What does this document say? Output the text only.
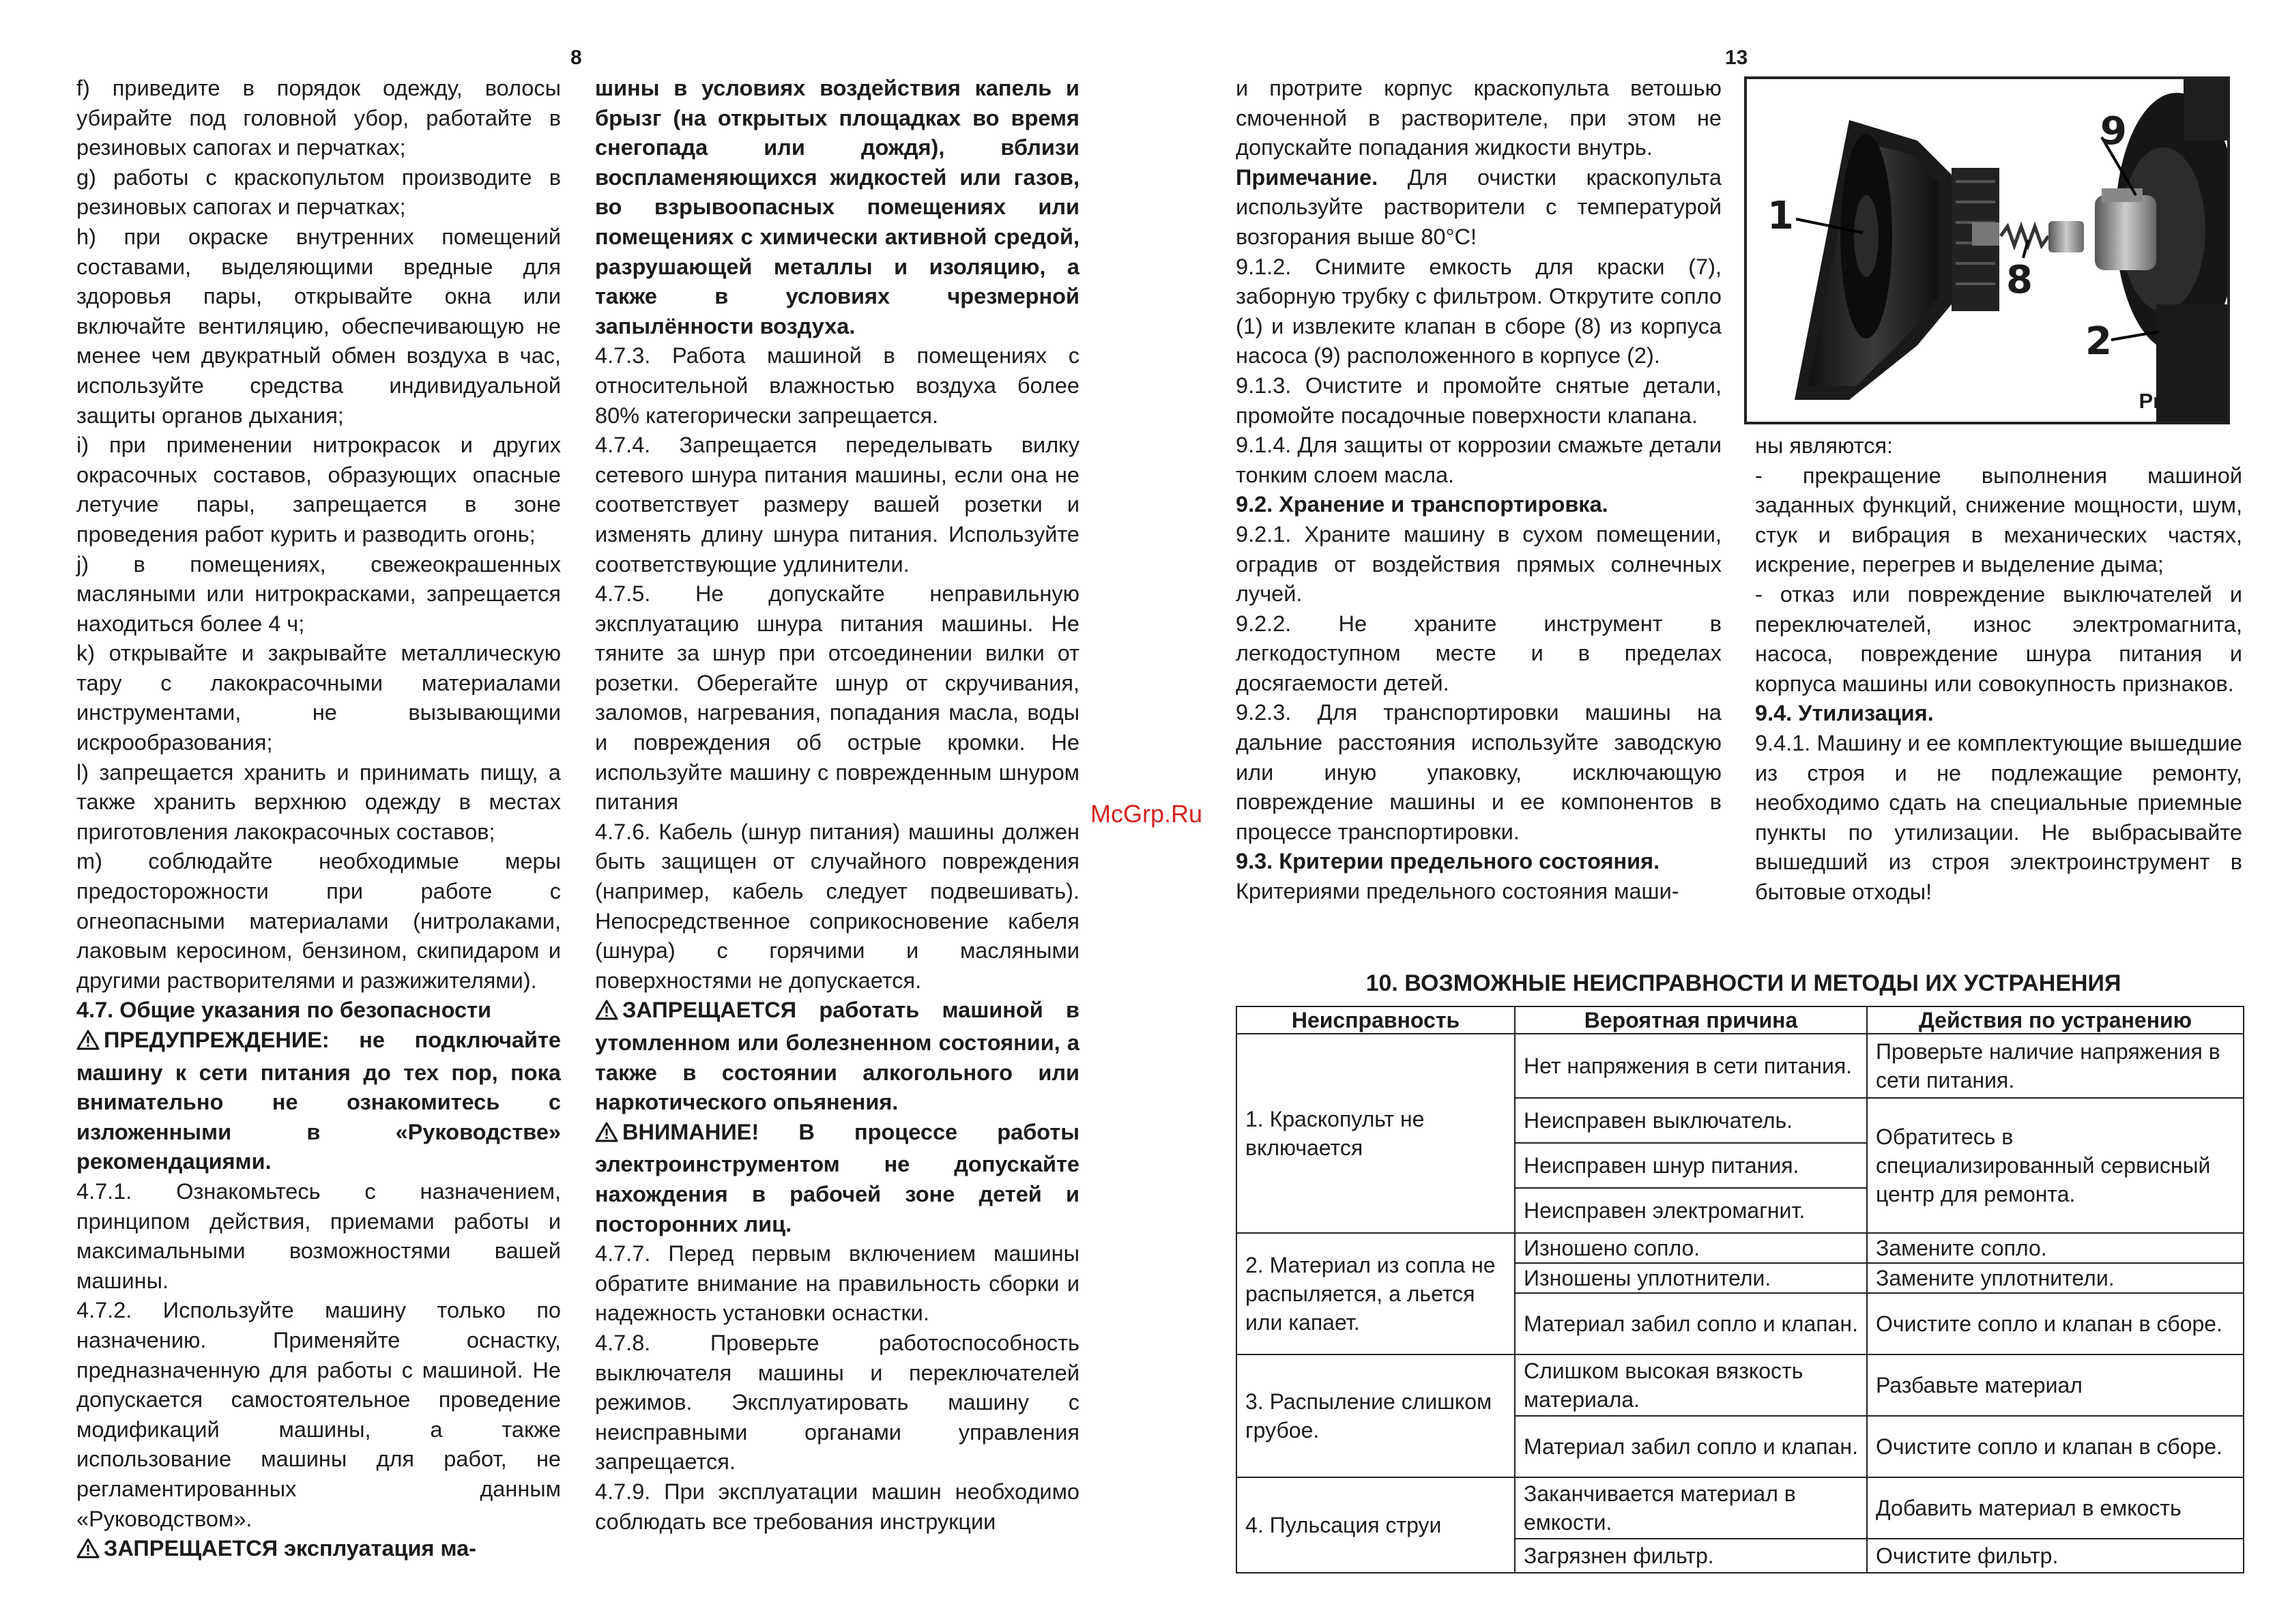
8	13

f) приведите в порядок одежду, волосы убирайте под головной убор, работайте в резиновых сапогах и перчатках;

g) работы с краскопультом производите в резиновых сапогах и перчатках;

h) при окраске внутренних помещений составами, выделяющими вредные для здоровья пары, открывайте окна или включайте вентиляцию, обеспечивающую не менее чем двукратный обмен воздуха в час, используйте средства индивидуальной защиты органов дыхания;

i) при применении нитрокрасок и других окрасочных составов, образующих опасные летучие пары, запрещается в зоне проведения работ курить и разводить огонь;

j) в помещениях, свежеокрашенных масляными или нитрокрасками, запрещается находиться более 4 ч;

k) открывайте и закрывайте металлическую тару с лакокрасочными материалами инструментами, не вызывающими искрообразования;

l) запрещается хранить и принимать пищу, а также хранить верхнюю одежду в местах приготовления лакокрасочных составов;

m) соблюдайте необходимые меры предосторожности при работе с огнеопасными материалами (нитролаками, лаковым керосином, бензином, скипидаром и другими растворителями и разжижителями).

4.7. Общие указания по безопасности

ПРЕДУПРЕЖДЕНИЕ: не подключайте машину к сети питания до тех пор, пока внимательно не ознакомитесь с изложенными в «Руководстве» рекомендациями.

4.7.1. Ознакомьтесь с назначением, принципом действия, приемами работы и максимальными возможностями вашей машины.

4.7.2. Используйте машину только по назначению. Применяйте оснастку, предназначенную для работы с машиной. Не допускается самостоятельное проведение модификаций машины, а также использование машины для работ, не регламентированных данным «Руководством».

ЗАПРЕЩАЕТСЯ эксплуатация ма-

шины в условиях воздействия капель и брызг (на открытых площадках во время снегопада или дождя), вблизи воспламеняющихся жидкостей или газов, во взрывоопасных помещениях или помещениях с химически активной средой, разрушающей металлы и изоляцию, а также в условиях чрезмерной запылённости воздуха.

4.7.3. Работа машиной в помещениях с относительной влажностью воздуха более 80% категорически запрещается.

4.7.4. Запрещается переделывать вилку сетевого шнура питания машины, если она не соответствует размеру вашей розетки и изменять длину шнура питания. Используйте соответствующие удлинители.

4.7.5. Не допускайте неправильную эксплуатацию шнура питания машины. Не тяните за шнур при отсоединении вилки от розетки. Оберегайте шнур от скручивания, заломов, нагревания, попадания масла, воды и повреждения об острые кромки. Не используйте машину с поврежденным шнуром питания

4.7.6. Кабель (шнур питания) машины должен быть защищен от случайного повреждения (например, кабель следует подвешивать). Непосредственное соприкосновение кабеля (шнура) с горячими и масляными поверхностями не допускается.

ЗАПРЕЩАЕТСЯ работать машиной в утомленном или болезненном состоянии, а также в состоянии алкогольного или наркотического опьянения.

ВНИМАНИЕ! В процессе работы электроинструментом не допускайте нахождения в рабочей зоне детей и посторонних лиц.

4.7.7. Перед первым включением машины обратите внимание на правильность сборки и надежность установки оснастки.

4.7.8. Проверьте работоспособность выключателя машины и переключателей режимов. Эксплуатировать машину с неисправными органами управления запрещается.

4.7.9. При эксплуатации машин необходимо соблюдать все требования инструкции

и протрите корпус краскопульта ветошью смоченной в растворителе, при этом не допускайте попадания жидкости внутрь.

Примечание. Для очистки краскопульта используйте растворители с температурой возгорания выше 80°С!

9.1.2. Снимите емкость для краски (7), заборную трубку с фильтром. Открутите сопло (1) и извлеките клапан в сборе (8) из корпуса насоса (9) расположенного в корпусе (2).

9.1.3. Очистите и промойте снятые детали, промойте посадочные поверхности клапана.

9.1.4. Для защиты от коррозии смажьте детали тонким слоем масла.

9.2. Хранение и транспортировка.

9.2.1. Храните машину в сухом помещении, оградив от воздействия прямых солнечных лучей.

9.2.2. Не храните инструмент в легкодоступном месте и в пределах досягаемости детей.

9.2.3. Для транспортировки машины на дальние расстояния используйте заводскую или иную упаковку, исключающую повреждение машины и ее компонентов в процессе транспортировки.

9.3. Критерии предельного состояния.

Критериями предельного состояния маши-

ны являются:

- прекращение выполнения машиной заданных функций, снижение мощности, шум, стук и вибрация в механических частях, искрение, перегрев и выделение дыма;

- отказ или повреждение выключателей и переключателей, износ электромагнита, насоса, повреждение шнура питания и корпуса машины или совокупность признаков.

9.4. Утилизация.

9.4.1. Машину и ее комплектующие вышедшие из строя и не подлежащие ремонту, необходимо сдать на специальные приемные пункты по утилизации. Не выбрасывайте вышедший из строя электроинструмент в бытовые отходы!

McGrp.Ru
1
8
9
2
Рис. 4
10. ВОЗМОЖНЫЕ НЕИСПРАВНОСТИ И МЕТОДЫ ИХ УСТРАНЕНИЯ
Неисправность	Вероятная причина	Действия по устранению
1. Краскопульт не включается	Нет напряжения в сети питания.	Проверьте наличие напряжения в сети питания.
	Неисправен выключатель.	Обратитесь в специализированный сервисный центр для ремонта.
	Неисправен шнур питания.	
	Неисправен электромагнит.	
2. Материал из сопла не распыляется, а льется или капает.	Изношено сопло.	Замените сопло.
	Изношены уплотнители.	Замените уплотнители.
	Материал забил сопло и клапан.	Очистите сопло и клапан в сборе.
3. Распыление слишком грубое.	Слишком высокая вязкость материала.	Разбавьте материал
	Материал забил сопло и клапан.	Очистите сопло и клапан в сборе.
4. Пульсация струи	Заканчивается материал в емкости.	Добавить материал в емкость
	Загрязнен фильтр.	Очистите фильтр.
